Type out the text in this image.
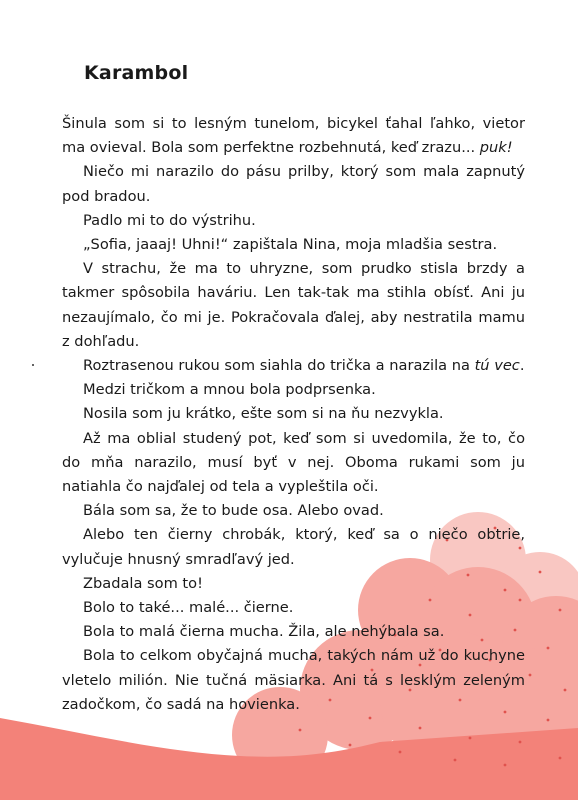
Karambol

Šinula som si to lesným tunelom, bicykel ťahal ľahko, vietor ma ovieval. Bola som perfektne rozbehnutá, keď zrazu... puk!

Niečo mi narazilo do pásu prilby, ktorý som mala zapnutý pod bradou.

Padlo mi to do výstrihu.

„Sofia, jaaaj! Uhni!“ zapištala Nina, moja mladšia sestra.

V strachu, že ma to uhryzne, som prudko stisla brzdy a takmer spôsobila haváriu. Len tak-tak ma stihla obísť. Ani ju nezaujímalo, čo mi je. Pokračovala ďalej, aby nestratila mamu z dohľadu.

Roztrasenou rukou som siahla do trička a narazila na tú vec.

Medzi tričkom a mnou bola podprsenka.

Nosila som ju krátko, ešte som si na ňu nezvykla.

Až ma oblial studený pot, keď som si uvedomila, že to, čo do mňa narazilo, musí byť v nej. Oboma rukami som ju natiahla čo najďalej od tela a vypleštila oči.

Bála som sa, že to bude osa. Alebo ovad.

Alebo ten čierny chrobák, ktorý, keď sa o niečo obtrie, vylučuje hnusný smradľavý jed.

Zbadala som to!

Bolo to také... malé... čierne.

Bola to malá čierna mucha. Žila, ale nehýbala sa.

Bola to celkom obyčajná mucha, takých nám už do kuchyne vletelo milión. Nie tučná mäsiarka. Ani tá s lesklým zeleným zadočkom, čo sadá na hovienka.
